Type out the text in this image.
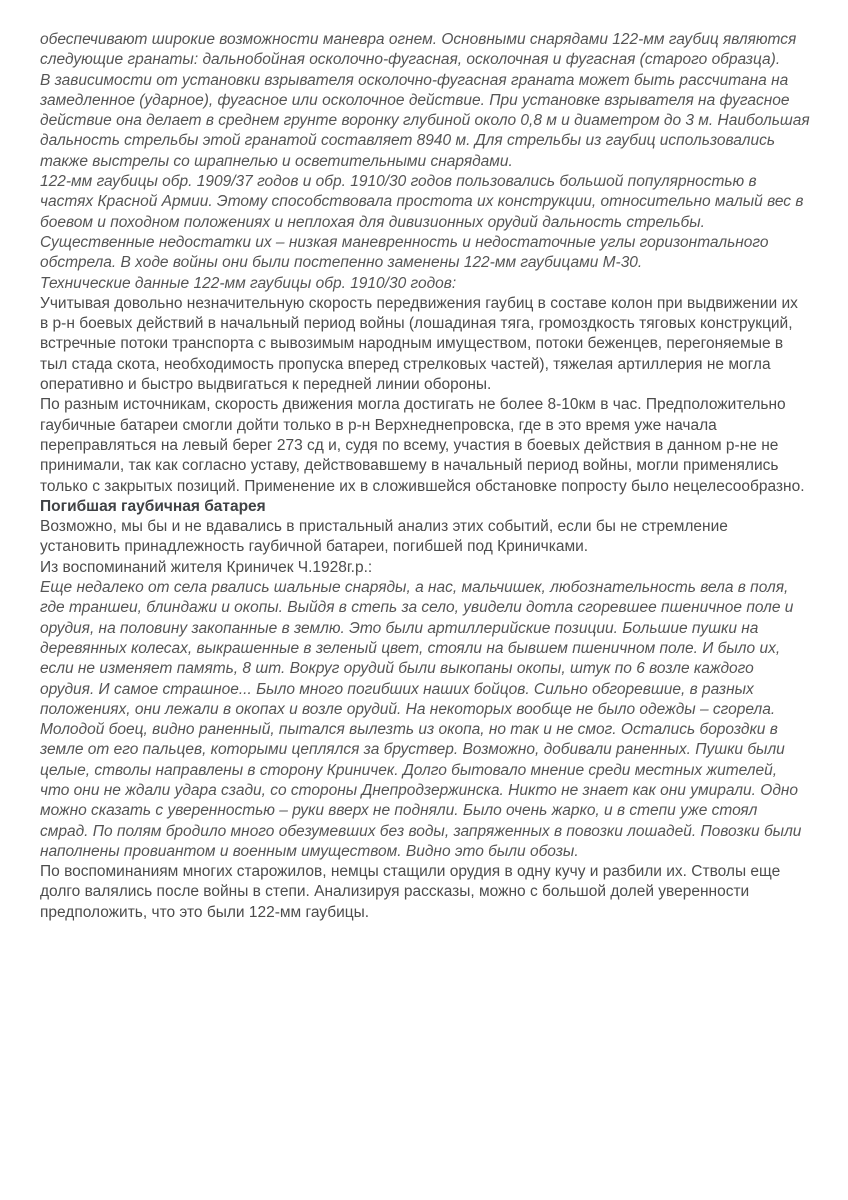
обеспечивают широкие возможности маневра огнем. Основными снарядами 122-мм гаубиц являются следующие гранаты: дальнобойная осколочно-фугасная, осколочная и фугасная (старого образца).

В зависимости от установки взрывателя осколочно-фугасная граната может быть рассчитана на замедленное (ударное), фугасное или осколочное действие. При установке взрывателя на фугасное действие она делает в среднем грунте воронку глубиной около 0,8 м и диаметром до 3 м. Наибольшая дальность стрельбы этой гранатой составляет 8940 м. Для стрельбы из гаубиц использовались также выстрелы со шрапнелью и осветительными снарядами.

122-мм гаубицы обр. 1909/37 годов и обр. 1910/30 годов пользовались большой популярностью в частях Красной Армии. Этому способствовала простота их конструкции, относительно малый вес в боевом и походном положениях и неплохая для дивизионных орудий дальность стрельбы. Существенные недостатки их – низкая маневренность и недостаточные углы горизонтального обстрела. В ходе войны они были постепенно заменены 122-мм гаубицами М-30.

Технические данные 122-мм гаубицы обр. 1910/30 годов:

Учитывая довольно незначительную скорость передвижения гаубиц в составе колон при выдвижении их в р-н боевых действий в начальный период войны (лошадиная тяга, громоздкость тяговых конструкций, встречные потоки транспорта с вывозимым народным имуществом, потоки беженцев, перегоняемые в тыл стада скота, необходимость пропуска вперед стрелковых частей), тяжелая артиллерия не могла оперативно и быстро выдвигаться к передней линии обороны.

По разным источникам, скорость движения могла достигать не более 8-10км в час. Предположительно гаубичные батареи смогли дойти только в р-н Верхнеднепровска, где в это время уже начала переправляться на левый берег 273 сд и, судя по всему, участия в боевых действия в данном р-не не принимали, так как согласно уставу, действовавшему в начальный период войны, могли применялись только с закрытых позиций. Применение их в сложившейся обстановке попросту было нецелесообразно.

Погибшая гаубичная батарея

Возможно, мы бы и не вдавались в пристальный анализ этих событий, если бы не стремление установить принадлежность гаубичной батареи, погибшей под Криничками.

Из воспоминаний жителя Криничек Ч.1928г.р.:

Еще недалеко от села рвались шальные снаряды, а нас, мальчишек, любознательность вела в поля, где траншеи, блиндажи и окопы. Выйдя в степь за село, увидели дотла сгоревшее пшеничное поле и орудия, на половину закопанные в землю. Это были артиллерийские позиции. Большие пушки на деревянных колесах, выкрашенные в зеленый цвет, стояли на бывшем пшеничном поле. И было их, если не изменяет память, 8 шт. Вокруг орудий были выкопаны окопы, штук по 6 возле каждого орудия. И самое страшное... Было много погибших наших бойцов. Сильно обгоревшие, в разных положениях, они лежали в окопах и возле орудий. На некоторых вообще не было одежды – сгорела. Молодой боец, видно раненный, пытался вылезть из окопа, но так и не смог. Остались бороздки в земле от его пальцев, которыми цеплялся за бруствер. Возможно, добивали раненных. Пушки были целые, стволы направлены в сторону Криничек. Долго бытовало мнение среди местных жителей, что они не ждали удара сзади, со стороны Днепродзержинска. Никто не знает как они умирали. Одно можно сказать с уверенностью – руки вверх не подняли. Было очень жарко, и в степи уже стоял смрад. По полям бродило много обезумевших без воды, запряженных в повозки лошадей. Повозки были наполнены провиантом и военным имуществом. Видно это были обозы.

По воспоминаниям многих старожилов, немцы стащили орудия в одну кучу и разбили их. Стволы еще долго валялись после войны в степи. Анализируя рассказы, можно с большой долей уверенности предположить, что это были 122-мм гаубицы.
